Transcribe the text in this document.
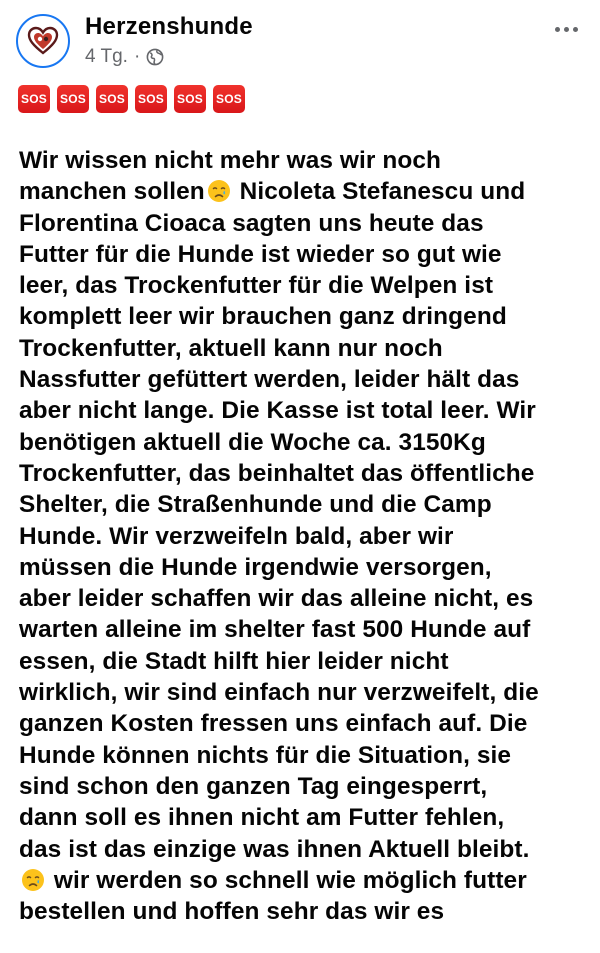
Herzenshunde
4 Tg. ·
SOS SOS SOS SOS SOS SOS
Wir wissen nicht mehr was wir noch
manchen sollen Nicoleta Stefanescu und
Florentina Cioaca sagten uns heute das
Futter für die Hunde ist wieder so gut wie
leer, das Trockenfutter für die Welpen ist
komplett leer wir brauchen ganz dringend
Trockenfutter, aktuell kann nur noch
Nassfutter gefüttert werden, leider hält das
aber nicht lange. Die Kasse ist total leer. Wir
benötigen aktuell die Woche ca. 3150Kg
Trockenfutter, das beinhaltet das öffentliche
Shelter, die Straßenhunde und die Camp
Hunde. Wir verzweifeln bald, aber wir
müssen die Hunde irgendwie versorgen,
aber leider schaffen wir das alleine nicht, es
warten alleine im shelter fast 500 Hunde auf
essen, die Stadt hilft hier leider nicht
wirklich, wir sind einfach nur verzweifelt, die
ganzen Kosten fressen uns einfach auf. Die
Hunde können nichts für die Situation, sie
sind schon den ganzen Tag eingesperrt,
dann soll es ihnen nicht am Futter fehlen,
das ist das einzige was ihnen Aktuell bleibt.
wir werden so schnell wie möglich futter
bestellen und hoffen sehr das wir es
